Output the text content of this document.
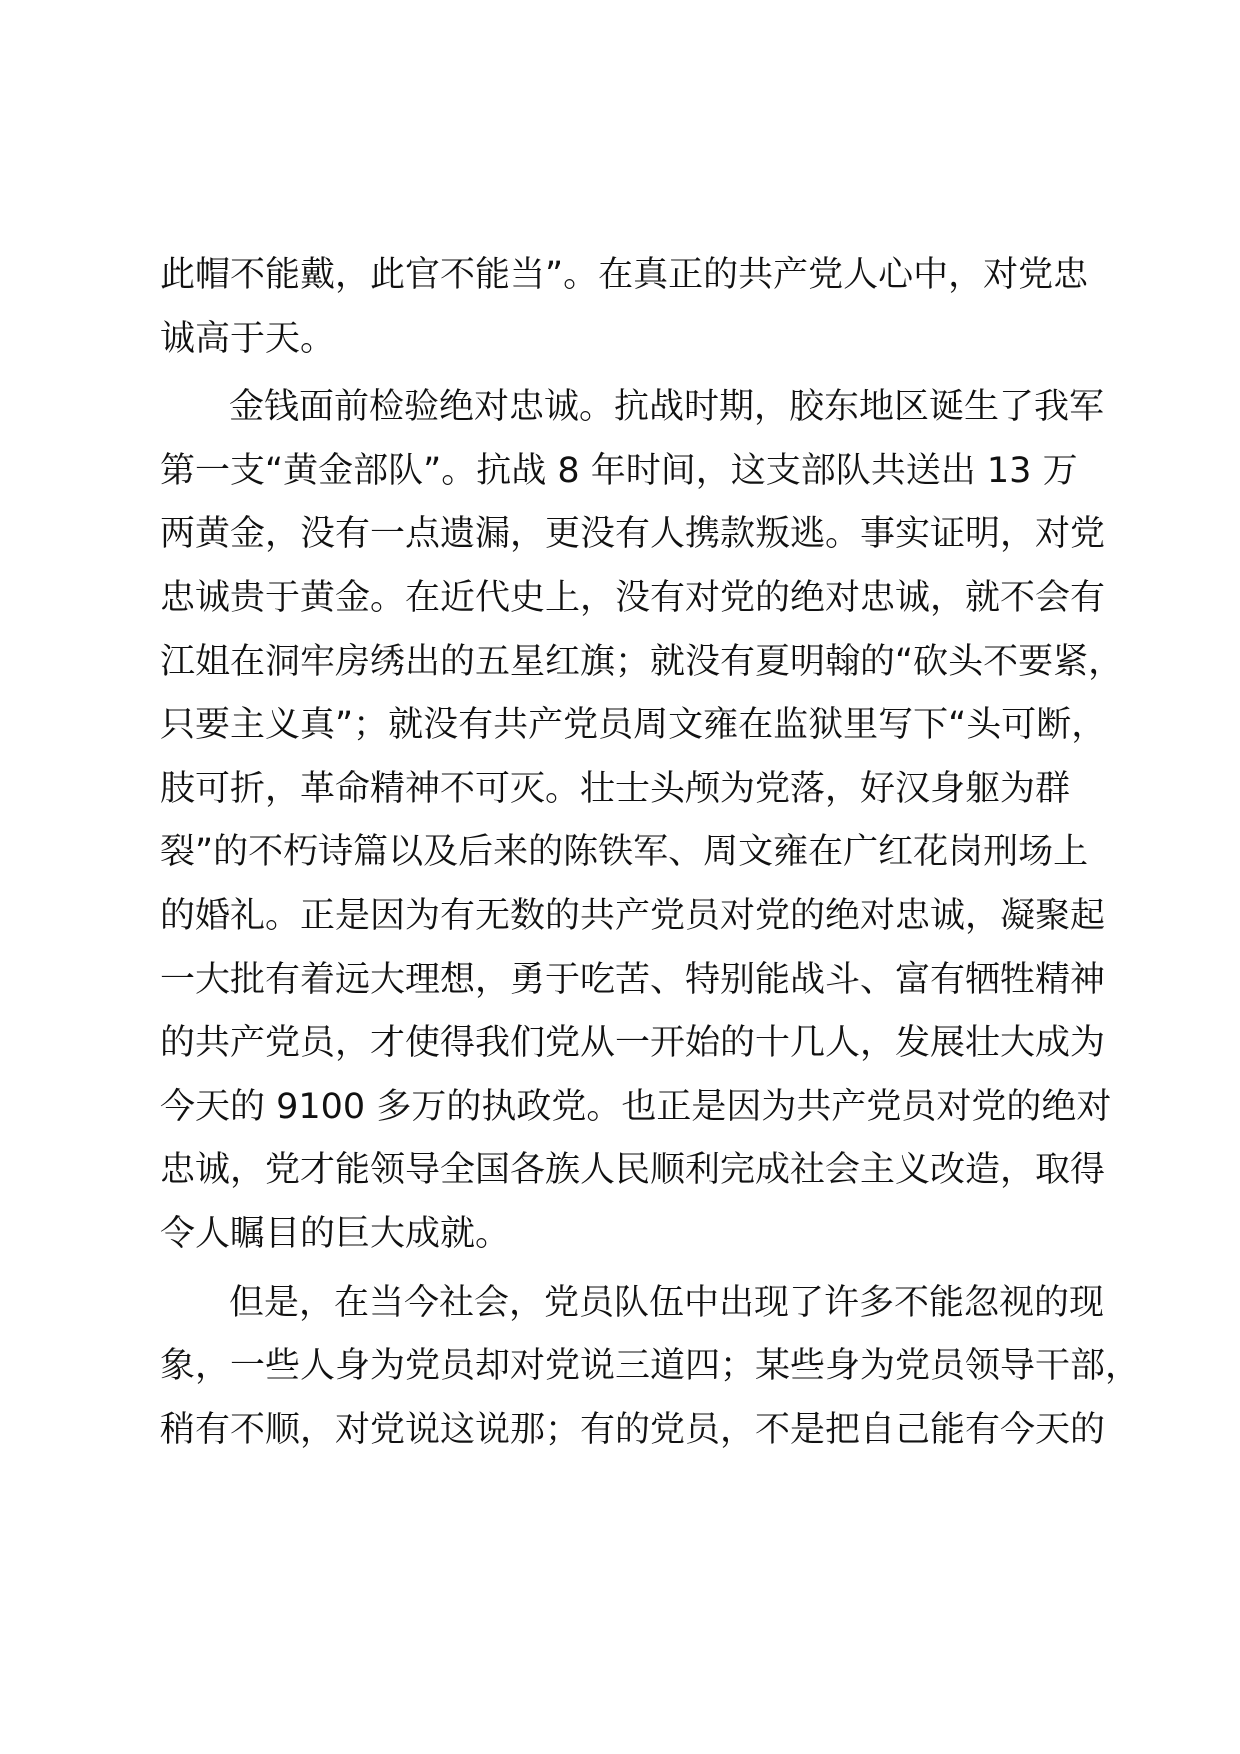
此帽不能戴，此官不能当”。在真正的共产党人心中，对党忠
诚高于天。
金钱面前检验绝对忠诚。抗战时期，胶东地区诞生了我军
第一支“黄金部队”。抗战 8 年时间，这支部队共送出 13 万
两黄金，没有一点遗漏，更没有人携款叛逃。事实证明，对党
忠诚贵于黄金。在近代史上，没有对党的绝对忠诚，就不会有
江姐在洞牢房绣出的五星红旗；就没有夏明翰的“砍头不要紧，
只要主义真”；就没有共产党员周文雍在监狱里写下“头可断，
肢可折，革命精神不可灭。壮士头颅为党落，好汉身躯为群
裂”的不朽诗篇以及后来的陈铁军、周文雍在广红花岗刑场上
的婚礼。正是因为有无数的共产党员对党的绝对忠诚，凝聚起
一大批有着远大理想，勇于吃苦、特别能战斗、富有牺牲精神
的共产党员，才使得我们党从一开始的十几人，发展壮大成为
今天的 9100 多万的执政党。也正是因为共产党员对党的绝对
忠诚，党才能领导全国各族人民顺利完成社会主义改造，取得
令人瞩目的巨大成就。
但是，在当今社会，党员队伍中出现了许多不能忽视的现
象，一些人身为党员却对党说三道四；某些身为党员领导干部，
稍有不顺，对党说这说那；有的党员，不是把自己能有今天的
